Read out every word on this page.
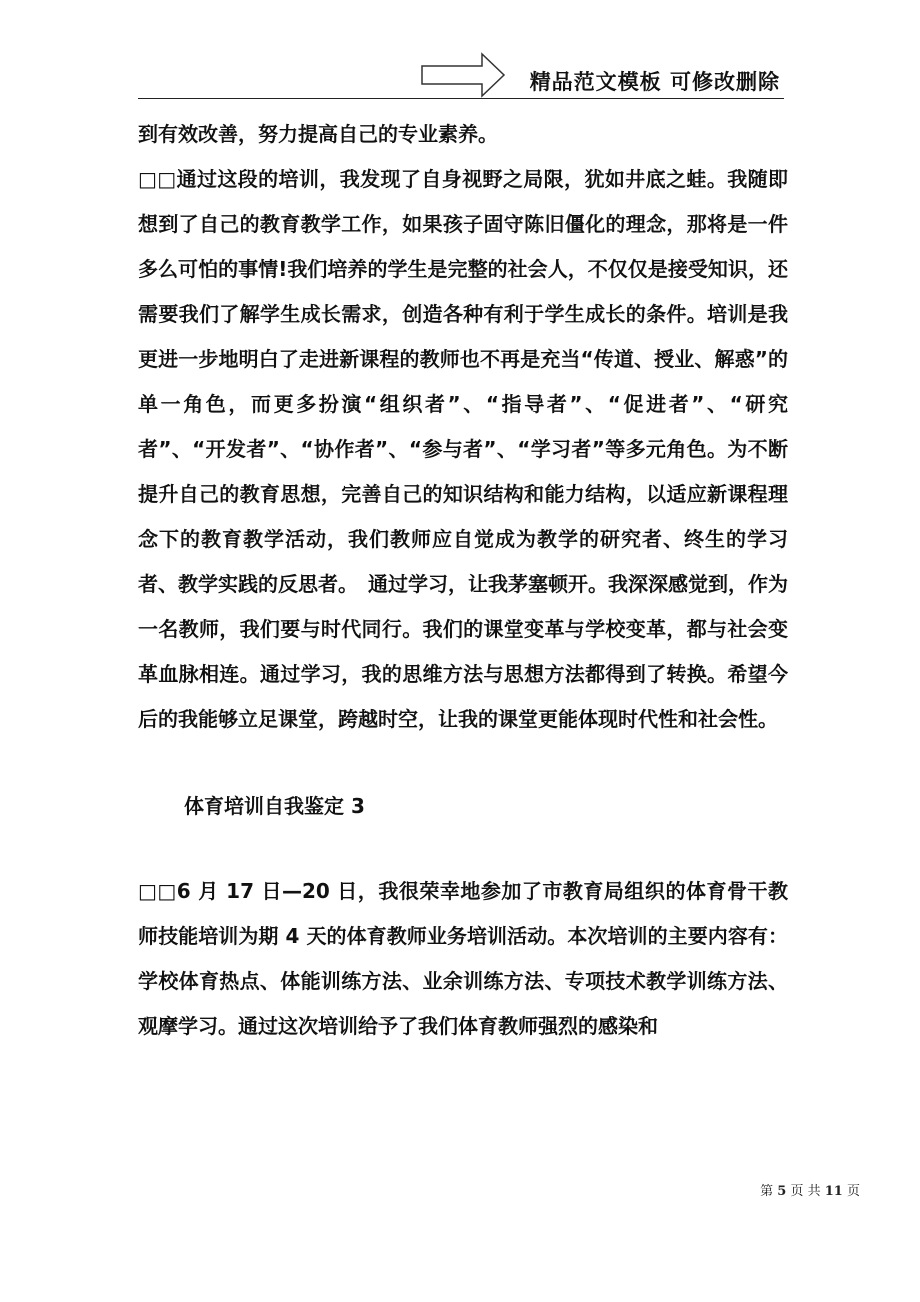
精品范文模板 可修改删除

到有效改善，努力提高自己的专业素养。

□□通过这段的培训，我发现了自身视野之局限，犹如井底之蛙。我随即想到了自己的教育教学工作，如果孩子固守陈旧僵化的理念，那将是一件多么可怕的事情!我们培养的学生是完整的社会人，不仅仅是接受知识，还需要我们了解学生成长需求，创造各种有利于学生成长的条件。培训是我更进一步地明白了走进新课程的教师也不再是充当“传道、授业、解惑”的单一角色，而更多扮演“组织者”、“指导者”、“促进者”、“研究者”、“开发者”、“协作者”、“参与者”、“学习者”等多元角色。为不断提升自己的教育思想，完善自己的知识结构和能力结构，以适应新课程理念下的教育教学活动，我们教师应自觉成为教学的研究者、终生的学习者、教学实践的反思者。　通过学习，让我茅塞顿开。我深深感觉到，作为一名教师，我们要与时代同行。我们的课堂变革与学校变革，都与社会变革血脉相连。通过学习，我的思维方法与思想方法都得到了转换。希望今后的我能够立足课堂，跨越时空，让我的课堂更能体现时代性和社会性。

体育培训自我鉴定 3

□□6 月 17 日—20 日，我很荣幸地参加了市教育局组织的体育骨干教师技能培训为期 4 天的体育教师业务培训活动。本次培训的主要内容有：学校体育热点、体能训练方法、业余训练方法、专项技术教学训练方法、观摩学习。通过这次培训给予了我们体育教师强烈的感染和

第 5 页 共 11 页
